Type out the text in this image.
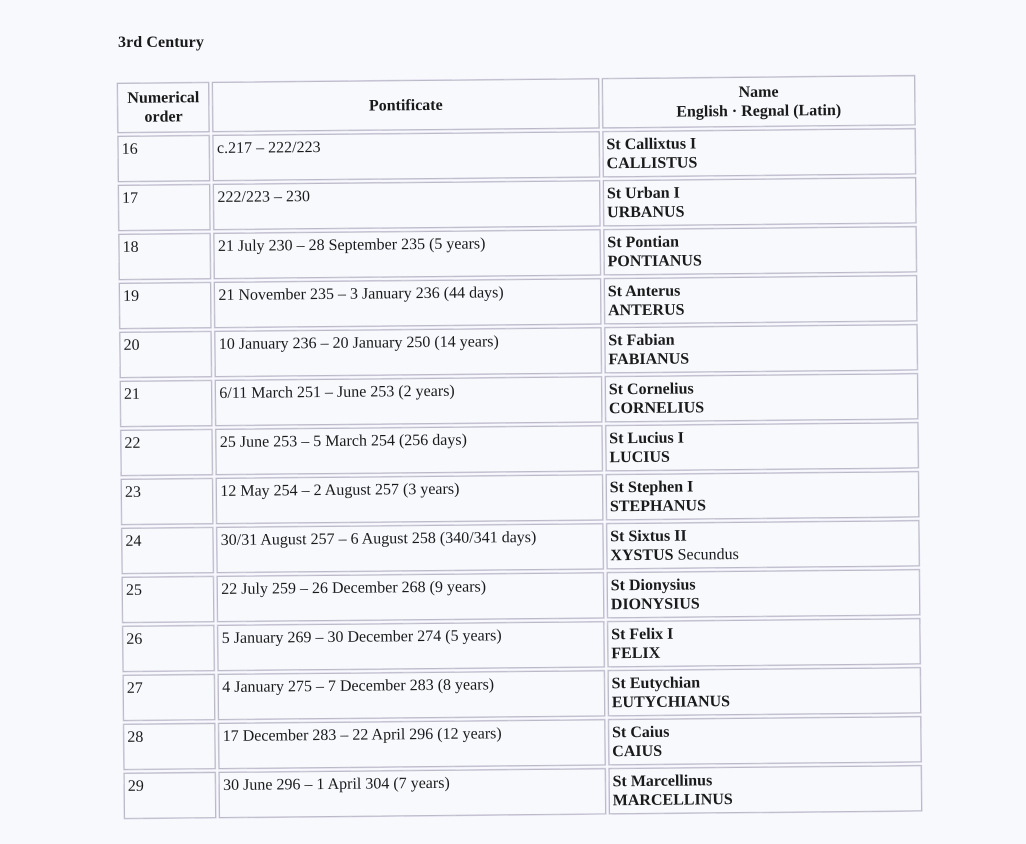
3rd Century
Numerical
order	Pontificate	Name
English · Regnal (Latin)

16	c.217 – 222/223	St Callixtus I
CALLISTUS

17	222/223 – 230	St Urban I
URBANUS

18	21 July 230 – 28 September 235 (5 years)	St Pontian
PONTIANUS

19	21 November 235 – 3 January 236 (44 days)	St Anterus
ANTERUS

20	10 January 236 – 20 January 250 (14 years)	St Fabian
FABIANUS

21	6/11 March 251 – June 253 (2 years)	St Cornelius
CORNELIUS

22	25 June 253 – 5 March 254 (256 days)	St Lucius I
LUCIUS

23	12 May 254 – 2 August 257 (3 years)	St Stephen I
STEPHANUS

24	30/31 August 257 – 6 August 258 (340/341 days)	St Sixtus II
XYSTUS Secundus

25	22 July 259 – 26 December 268 (9 years)	St Dionysius
DIONYSIUS

26	5 January 269 – 30 December 274 (5 years)	St Felix I
FELIX

27	4 January 275 – 7 December 283 (8 years)	St Eutychian
EUTYCHIANUS

28	17 December 283 – 22 April 296 (12 years)	St Caius
CAIUS

29	30 June 296 – 1 April 304 (7 years)	St Marcellinus
MARCELLINUS
